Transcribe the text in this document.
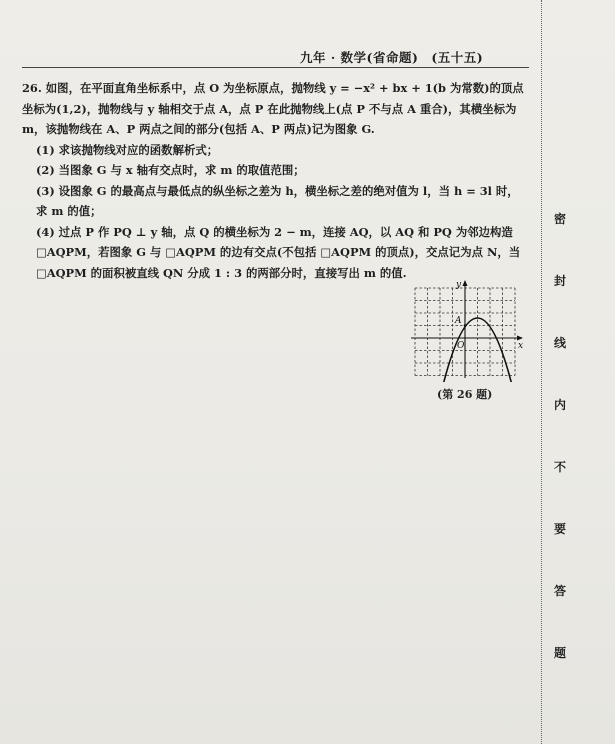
九年 · 数学(省命题)　(五十五)
26. 如图，在平面直角坐标系中，点 O 为坐标原点，抛物线 y = −x² + bx + 1(b 为常数)的顶点坐标为(1,2)，抛物线与 y 轴相交于点 A，点 P 在此抛物线上(点 P 不与点 A 重合)，其横坐标为 m，该抛物线在 A、P 两点之间的部分(包括 A、P 两点)记为图象 G.
(1) 求该抛物线对应的函数解析式；
(2) 当图象 G 与 x 轴有交点时，求 m 的取值范围；
(3) 设图象 G 的最高点与最低点的纵坐标之差为 h，横坐标之差的绝对值为 l，当 h = 3l 时，求 m 的值；
(4) 过点 P 作 PQ ⊥ y 轴，点 Q 的横坐标为 2 − m，连接 AQ，以 AQ 和 PQ 为邻边构造 □AQPM，若图象 G 与 □AQPM 的边有交点(不包括 □AQPM 的顶点)，交点记为点 N，当 □AQPM 的面积被直线 QN 分成 1 : 3 的两部分时，直接写出 m 的值.
y
x
O
A
(第 26 题)
密
封
线
内
不
要
答
题
